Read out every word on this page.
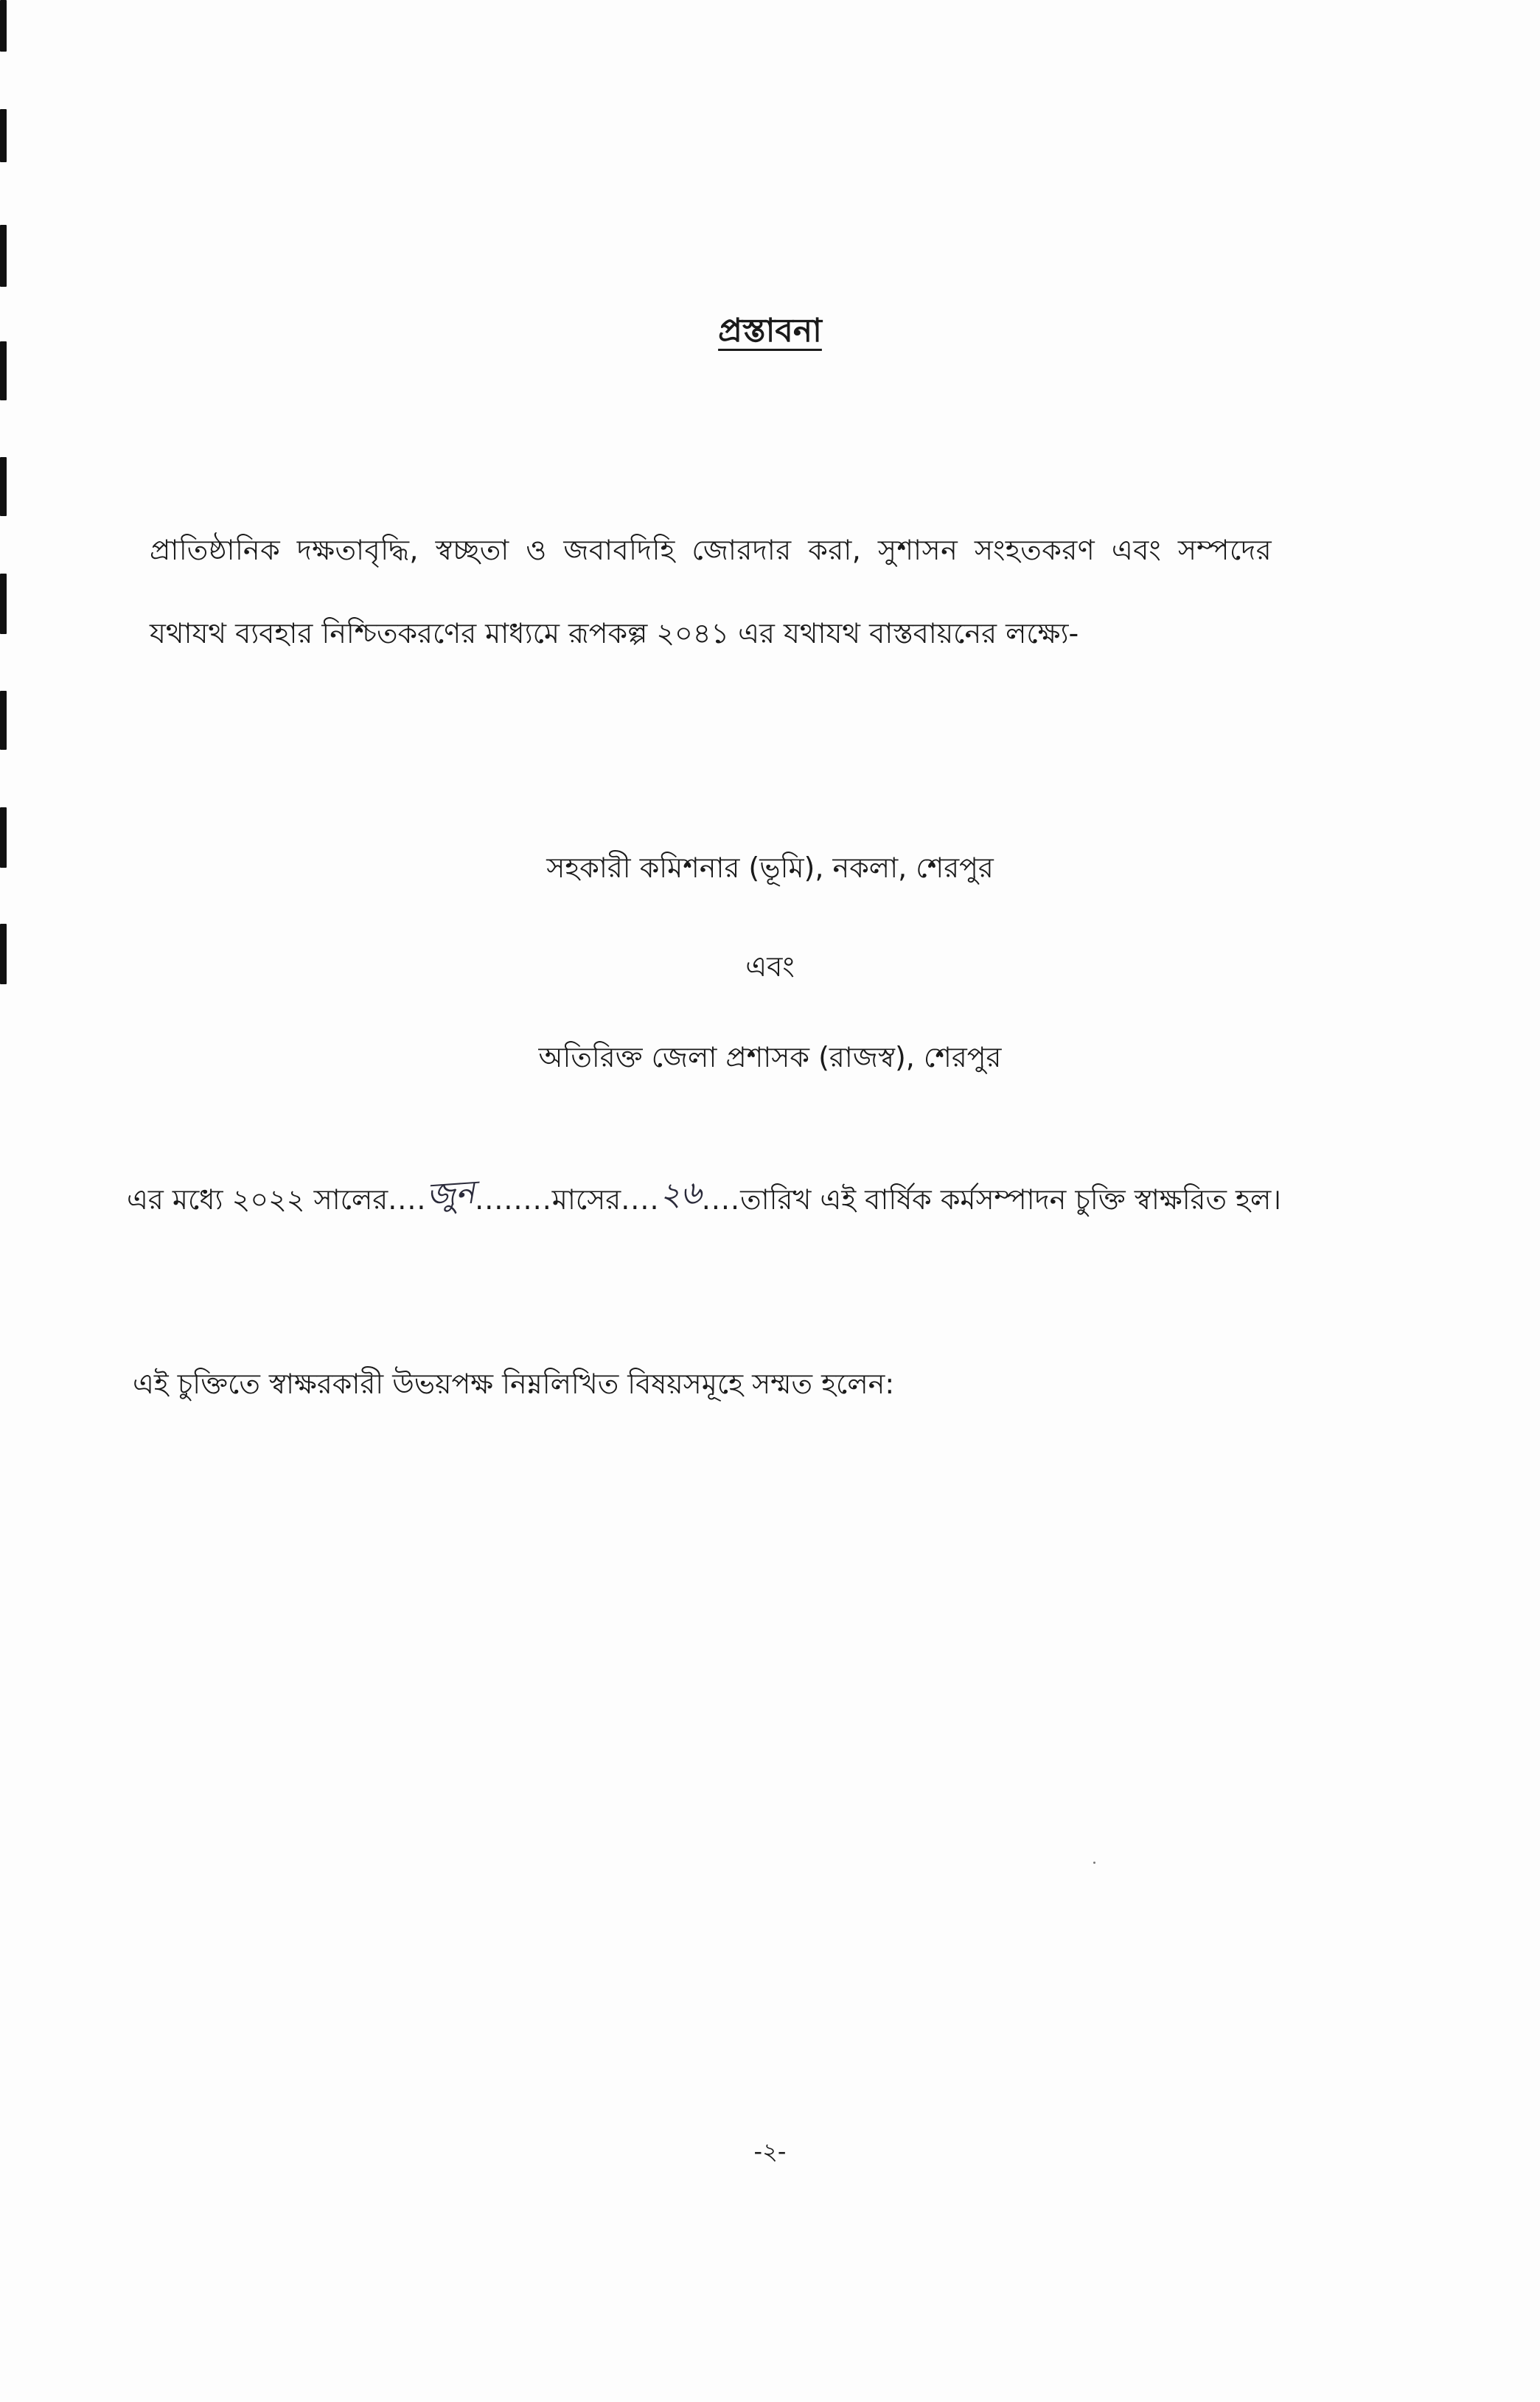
প্রস্তাবনা
প্রাতিষ্ঠানিক দক্ষতাবৃদ্ধি, স্বচ্ছতা ও জবাবদিহি জোরদার করা, সুশাসন সংহতকরণ এবং সম্পদের
যথাযথ ব্যবহার নিশ্চিতকরণের মাধ্যমে রূপকল্প ২০৪১ এর যথাযথ বাস্তবায়নের লক্ষ্যে-
সহকারী কমিশনার (ভূমি), নকলা, শেরপুর
এবং
অতিরিক্ত জেলা প্রশাসক (রাজস্ব), শেরপুর
এর মধ্যে ২০২২ সালের....জুন........মাসের....২৬....তারিখ এই বার্ষিক কর্মসম্পাদন চুক্তি স্বাক্ষরিত হল।
এই চুক্তিতে স্বাক্ষরকারী উভয়পক্ষ নিম্নলিখিত বিষয়সমূহে সম্মত হলেন:
-২-
